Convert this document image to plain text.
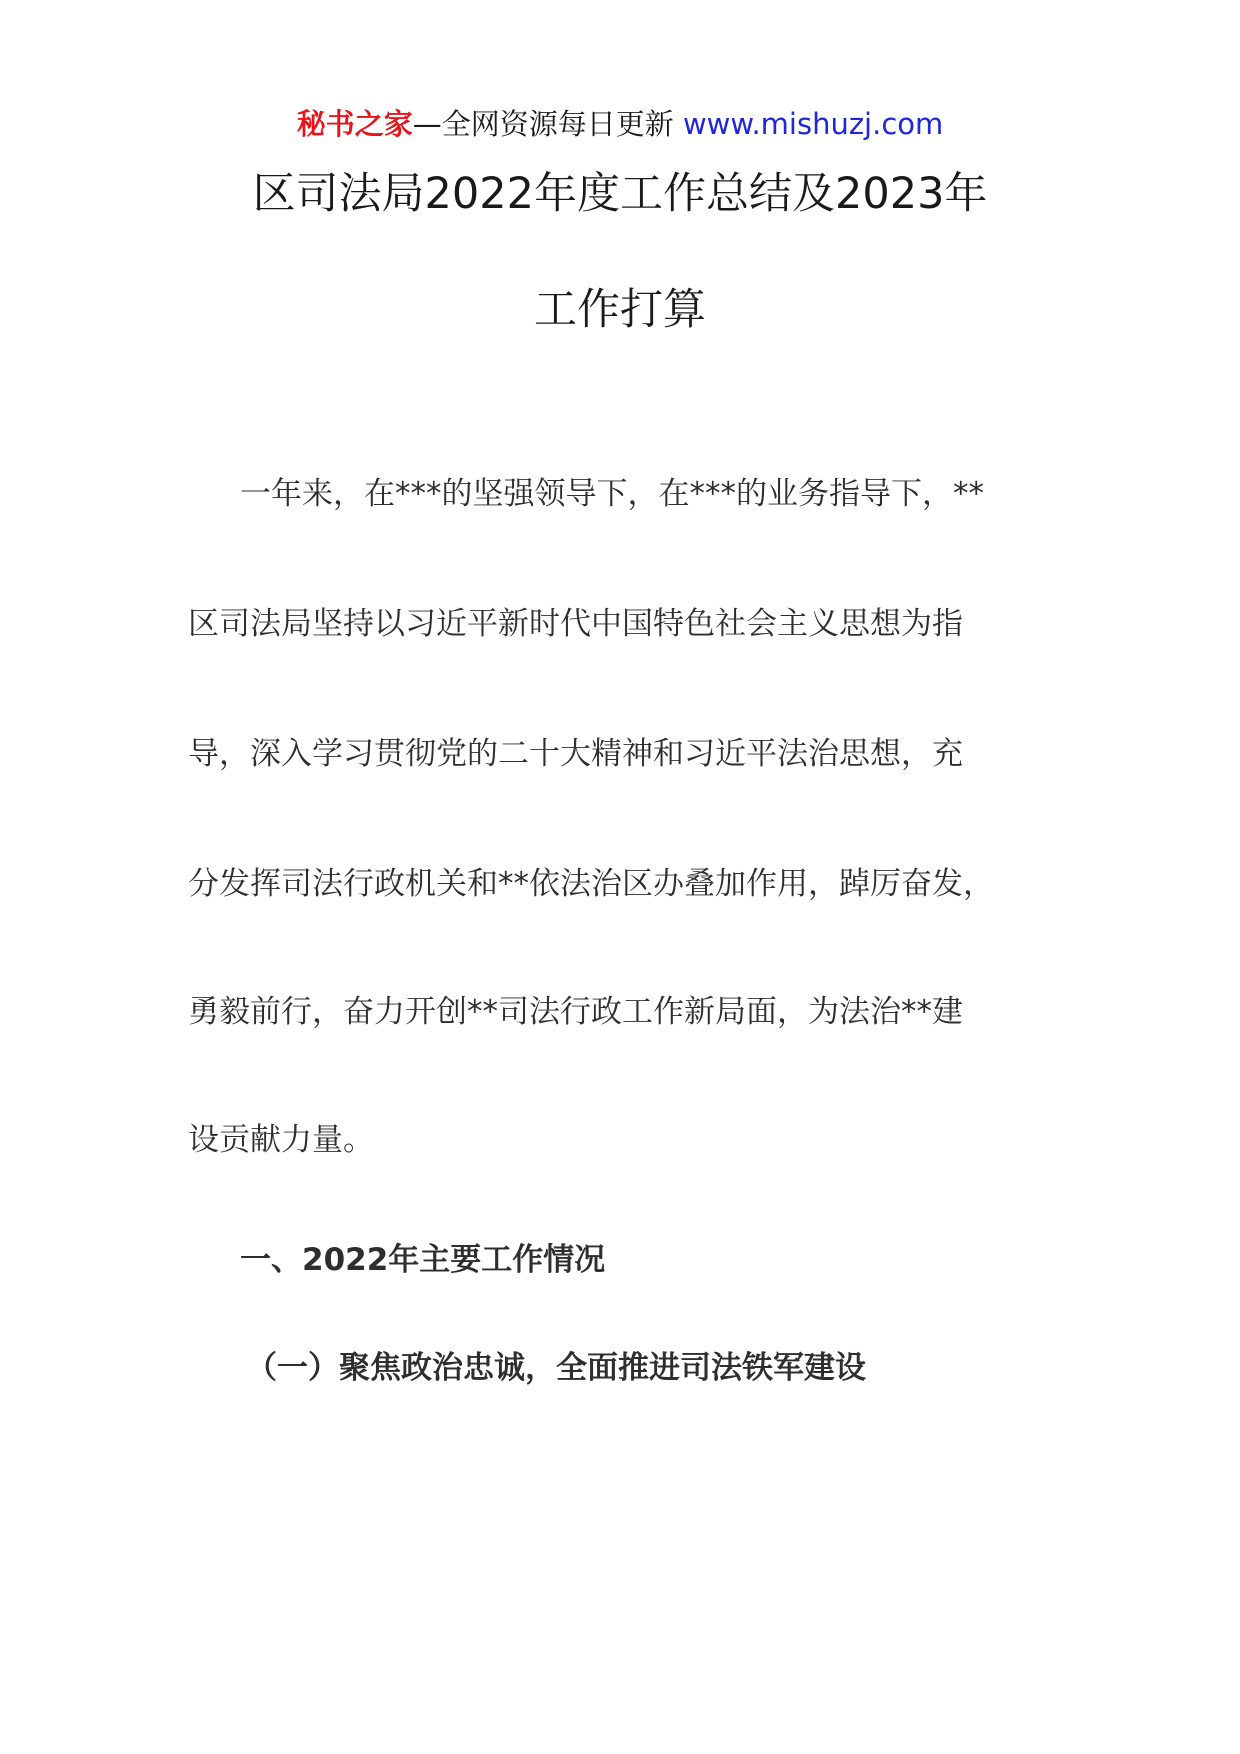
秘书之家—全网资源每日更新 www.mishuzj.com
区司法局2022年度工作总结及2023年
工作打算
一年来，在***的坚强领导下，在***的业务指导下，**
区司法局坚持以习近平新时代中国特色社会主义思想为指
导，深入学习贯彻党的二十大精神和习近平法治思想，充
分发挥司法行政机关和**依法治区办叠加作用，踔厉奋发，
勇毅前行，奋力开创**司法行政工作新局面，为法治**建
设贡献力量。
一、2022年主要工作情况
（一）聚焦政治忠诚，全面推进司法铁军建设
